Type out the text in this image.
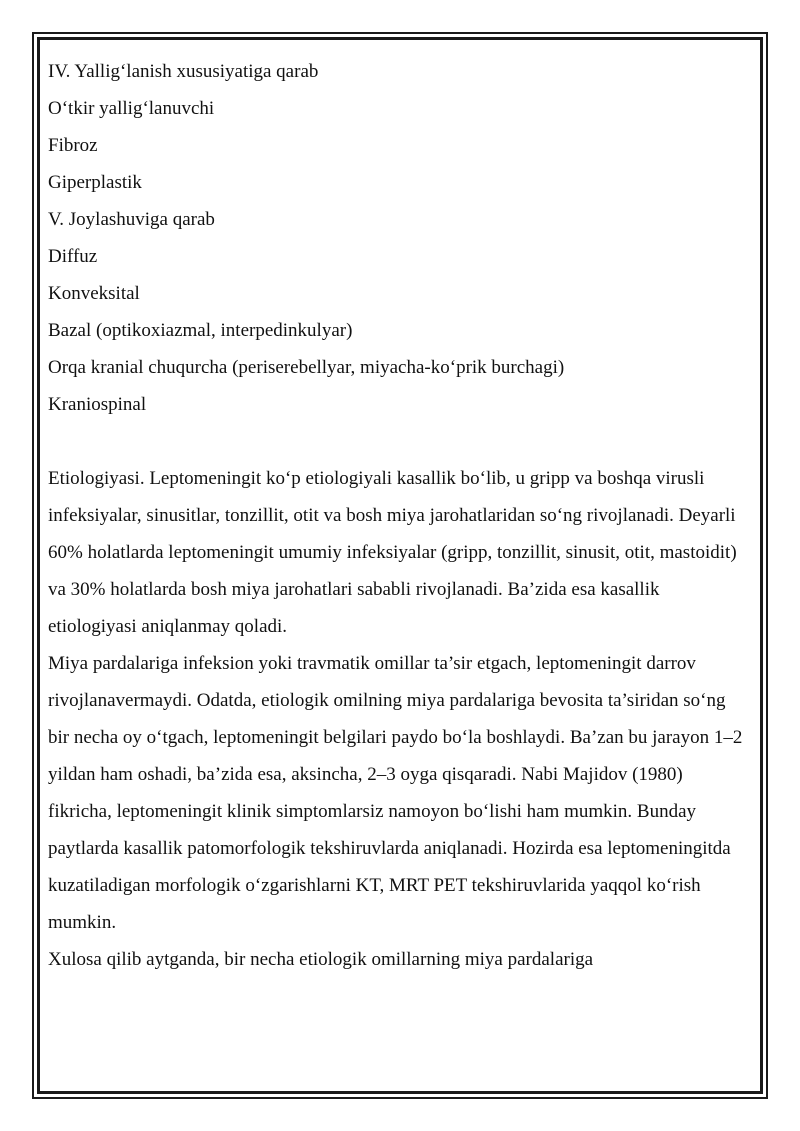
IV. Yallig‘lanish xususiyatiga qarab
O‘tkir yallig‘lanuvchi
Fibroz
Giperplastik
V. Joylashuviga qarab
Diffuz
Konveksital
Bazal (optikoxiazmal, interpedinkulyar)
Orqa kranial chuqurcha (periserebellyar, miyacha-ko‘prik burchagi)
Kraniospinal

Etiologiyasi. Leptomeningit ko‘p etiologiyali kasallik bo‘lib, u gripp va boshqa virusli infeksiyalar, sinusitlar, tonzillit, otit va bosh miya jarohatlaridan so‘ng rivojlanadi. Deyarli 60% holatlarda leptomeningit umumiy infeksiyalar (gripp, tonzillit, sinusit, otit, mastoidit) va 30% holatlarda bosh miya jarohatlari sababli rivojlanadi. Ba’zida esa kasallik etiologiyasi aniqlanmay qoladi.

Miya pardalariga infeksion yoki travmatik omillar ta’sir etgach, leptomeningit darrov rivojlanavermaydi. Odatda, etiologik omilning miya pardalariga bevosita ta’siridan so‘ng bir necha oy o‘tgach, leptomeningit belgilari paydo bo‘la boshlaydi. Ba’zan bu jarayon 1–2 yildan ham oshadi, ba’zida esa, aksincha, 2–3 oyga qisqaradi. Nabi Majidov (1980) fikricha, leptomeningit klinik simptomlarsiz namoyon bo‘lishi ham mumkin. Bunday paytlarda kasallik patomorfologik tekshiruvlarda aniqlanadi. Hozirda esa leptomeningitda kuzatiladigan morfologik o‘zgarishlarni KT, MRT PET tekshiruvlarida yaqqol ko‘rish mumkin.

Xulosa qilib aytganda, bir necha etiologik omillarning miya pardalariga
